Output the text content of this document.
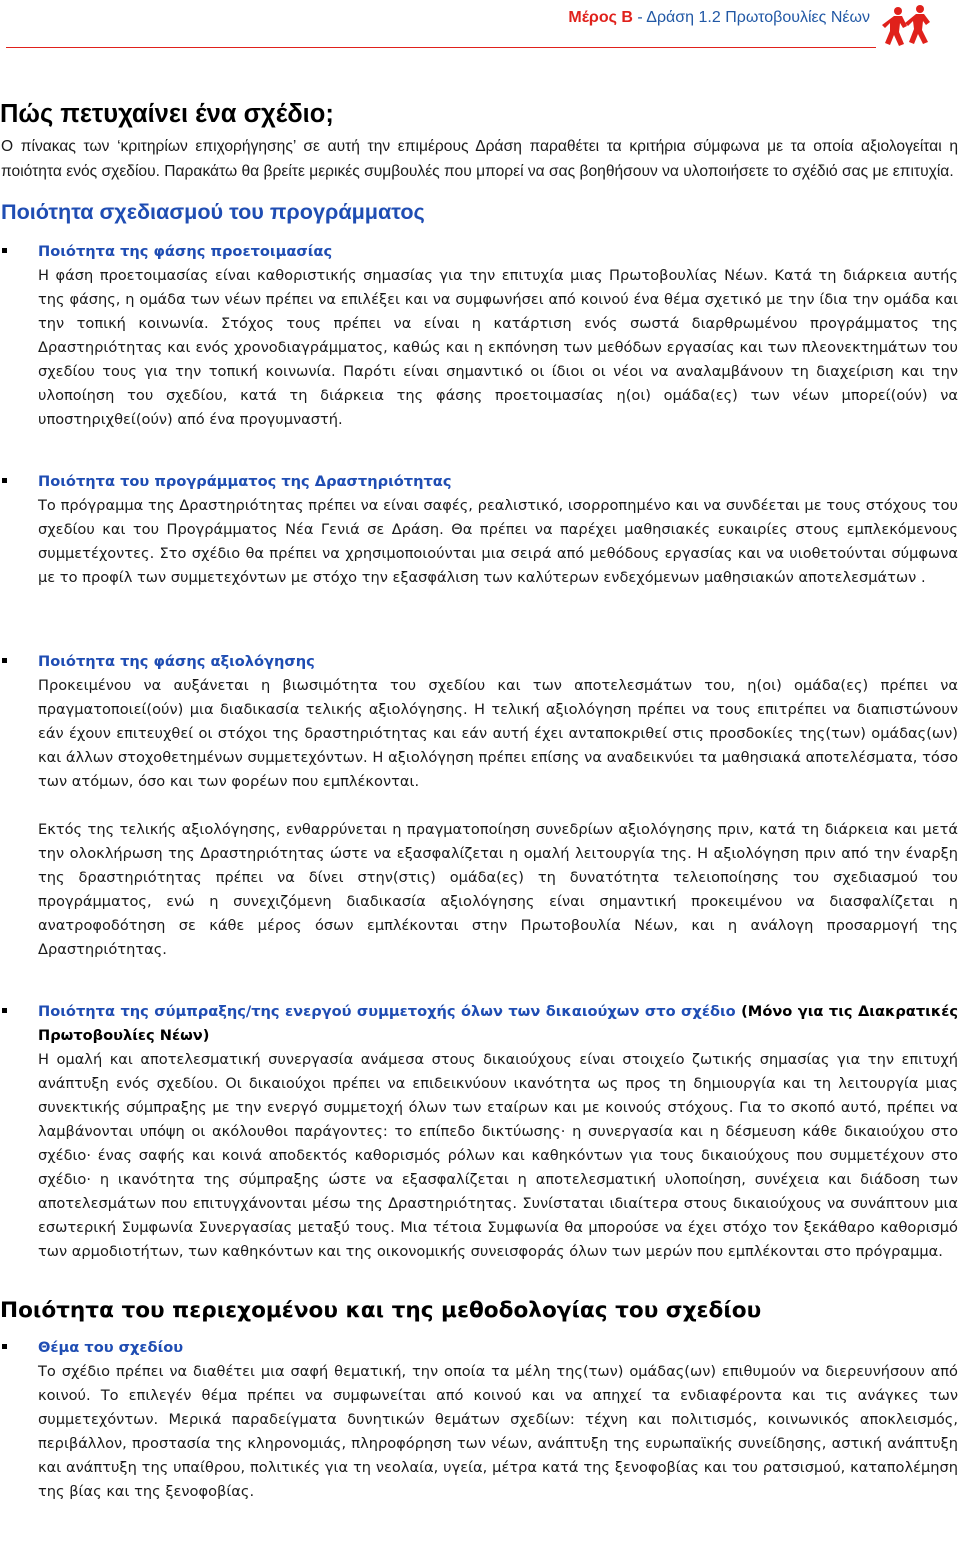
Μέρος Β - Δράση 1.2 Πρωτοβουλίες Νέων
Πώς πετυχαίνει ένα σχέδιο;

Ο πίνακας των ‘κριτηρίων επιχορήγησης’ σε αυτή την επιμέρους Δράση παραθέτει τα κριτήρια σύμφωνα με τα οποία αξιολογείται η ποιότητα ενός σχεδίου. Παρακάτω θα βρείτε μερικές συμβουλές που μπορεί να σας βοηθήσουν να υλοποιήσετε το σχέδιό σας με επιτυχία.

Ποιότητα σχεδιασμού του προγράμματος
Ποιότητα της φάσης προετοιμασίας

Η φάση προετοιμασίας είναι καθοριστικής σημασίας για την επιτυχία μιας Πρωτοβουλίας Νέων. Κατά τη διάρκεια αυτής της φάσης, η ομάδα των νέων πρέπει να επιλέξει και να συμφωνήσει από κοινού ένα θέμα σχετικό με την ίδια την ομάδα και την τοπική κοινωνία. Στόχος τους πρέπει να είναι η κατάρτιση ενός σωστά διαρθρωμένου προγράμματος της Δραστηριότητας και ενός χρονοδιαγράμματος, καθώς και η εκπόνηση των μεθόδων εργασίας και των πλεονεκτημάτων του σχεδίου τους για την τοπική κοινωνία. Παρότι είναι σημαντικό οι ίδιοι οι νέοι να αναλαμβάνουν τη διαχείριση και την υλοποίηση του σχεδίου, κατά τη διάρκεια της φάσης προετοιμασίας η(οι) ομάδα(ες) των νέων μπορεί(ούν) να υποστηριχθεί(ούν) από ένα προγυμναστή.

Ποιότητα του προγράμματος της Δραστηριότητας

Το πρόγραμμα της Δραστηριότητας πρέπει να είναι σαφές, ρεαλιστικό, ισορροπημένο και να συνδέεται με τους στόχους του σχεδίου και του Προγράμματος Νέα Γενιά σε Δράση. Θα πρέπει να παρέχει μαθησιακές ευκαιρίες στους εμπλεκόμενους συμμετέχοντες. Στο σχέδιο θα πρέπει να χρησιμοποιούνται μια σειρά από μεθόδους εργασίας και να υιοθετούνται σύμφωνα με το προφίλ των συμμετεχόντων με στόχο την εξασφάλιση των καλύτερων ενδεχόμενων μαθησιακών αποτελεσμάτων .

Ποιότητα της φάσης αξιολόγησης

Προκειμένου να αυξάνεται η βιωσιμότητα του σχεδίου και των αποτελεσμάτων του, η(οι) ομάδα(ες) πρέπει να πραγματοποιεί(ούν) μια διαδικασία τελικής αξιολόγησης. Η τελική αξιολόγηση πρέπει να τους επιτρέπει να διαπιστώνουν εάν έχουν επιτευχθεί οι στόχοι της δραστηριότητας και εάν αυτή έχει ανταποκριθεί στις προσδοκίες της(των) ομάδας(ων) και άλλων στοχοθετημένων συμμετεχόντων. Η αξιολόγηση πρέπει επίσης να αναδεικνύει τα μαθησιακά αποτελέσματα, τόσο των ατόμων, όσο και των φορέων που εμπλέκονται.

Εκτός της τελικής αξιολόγησης, ενθαρρύνεται η πραγματοποίηση συνεδρίων αξιολόγησης πριν, κατά τη διάρκεια και μετά την ολοκλήρωση της Δραστηριότητας ώστε να εξασφαλίζεται η ομαλή λειτουργία της. Η αξιολόγηση πριν από την έναρξη της δραστηριότητας πρέπει να δίνει στην(στις) ομάδα(ες) τη δυνατότητα τελειοποίησης του σχεδιασμού του προγράμματος, ενώ η συνεχιζόμενη διαδικασία αξιολόγησης είναι σημαντική προκειμένου να διασφαλίζεται η ανατροφοδότηση σε κάθε μέρος όσων εμπλέκονται στην Πρωτοβουλία Νέων, και η ανάλογη προσαρμογή της Δραστηριότητας.

Ποιότητα της σύμπραξης/της ενεργού συμμετοχής όλων των δικαιούχων στο σχέδιο (Μόνο για τις Διακρατικές Πρωτοβουλίες Νέων)

Η ομαλή και αποτελεσματική συνεργασία ανάμεσα στους δικαιούχους είναι στοιχείο ζωτικής σημασίας για την επιτυχή ανάπτυξη ενός σχεδίου. Οι δικαιούχοι πρέπει να επιδεικνύουν ικανότητα ως προς τη δημιουργία και τη λειτουργία μιας συνεκτικής σύμπραξης με την ενεργό συμμετοχή όλων των εταίρων και με κοινούς στόχους. Για το σκοπό αυτό, πρέπει να λαμβάνονται υπόψη οι ακόλουθοι παράγοντες: το επίπεδο δικτύωσης· η συνεργασία και η δέσμευση κάθε δικαιούχου στο σχέδιο· ένας σαφής και κοινά αποδεκτός καθορισμός ρόλων και καθηκόντων για τους δικαιούχους που συμμετέχουν στο σχέδιο· η ικανότητα της σύμπραξης ώστε να εξασφαλίζεται η αποτελεσματική υλοποίηση, συνέχεια και διάδοση των αποτελεσμάτων που επιτυγχάνονται μέσω της Δραστηριότητας. Συνίσταται ιδιαίτερα στους δικαιούχους να συνάπτουν μια εσωτερική Συμφωνία Συνεργασίας μεταξύ τους. Μια τέτοια Συμφωνία θα μπορούσε να έχει στόχο τον ξεκάθαρο καθορισμό των αρμοδιοτήτων, των καθηκόντων και της οικονομικής συνεισφοράς όλων των μερών που εμπλέκονται στο πρόγραμμα.

Ποιότητα του περιεχομένου και της μεθοδολογίας του σχεδίου
Θέμα του σχεδίου

Το σχέδιο πρέπει να διαθέτει μια σαφή θεματική, την οποία τα μέλη της(των) ομάδας(ων) επιθυμούν να διερευνήσουν από κοινού. Το επιλεγέν θέμα πρέπει να συμφωνείται από κοινού και να απηχεί τα ενδιαφέροντα και τις ανάγκες των συμμετεχόντων. Μερικά παραδείγματα δυνητικών θεμάτων σχεδίων: τέχνη και πολιτισμός, κοινωνικός αποκλεισμός, περιβάλλον, προστασία της κληρονομιάς, πληροφόρηση των νέων, ανάπτυξη της ευρωπαϊκής συνείδησης, αστική ανάπτυξη και ανάπτυξη της υπαίθρου, πολιτικές για τη νεολαία, υγεία, μέτρα κατά της ξενοφοβίας και του ρατσισμού, καταπολέμηση της βίας και της ξενοφοβίας.
